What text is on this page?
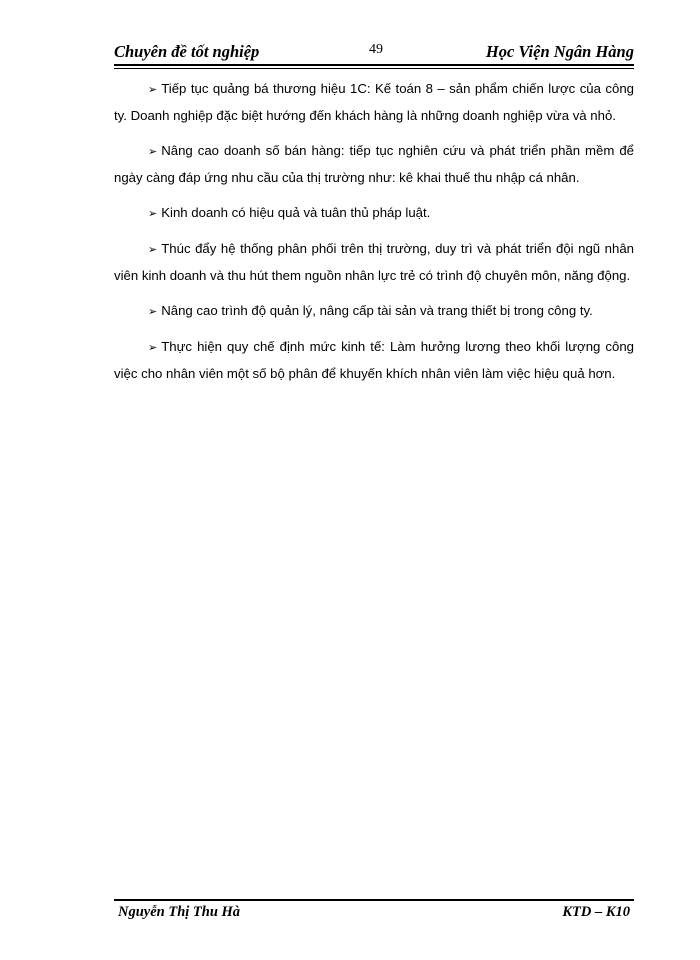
Chuyên đề tốt nghiệp	49	Học Viện Ngân Hàng

➢ Tiếp tục quảng bá thương hiệu 1C: Kế toán 8 – sản phẩm chiến lược của công ty. Doanh nghiệp đặc biệt hướng đến khách hàng là những doanh nghiệp vừa và nhỏ.

➢ Nâng cao doanh số bán hàng: tiếp tục nghiên cứu và phát triển phần mềm để ngày càng đáp ứng nhu cầu của thị trường như: kê khai thuế thu nhập cá nhân.

➢ Kinh doanh có hiệu quả và tuân thủ pháp luật.

➢ Thúc đẩy hệ thống phân phối trên thị trường, duy trì và phát triển đội ngũ nhân viên kinh doanh và thu hút them nguồn nhân lực trẻ có trình độ chuyên môn, năng động.

➢ Nâng cao trình độ quản lý, nâng cấp tài sản và trang thiết bị trong công ty.

➢ Thực hiện quy chế định mức kinh tế: Làm hưởng lương theo khối lượng công việc cho nhân viên một số bộ phân để khuyến khích nhân viên làm việc hiệu quả hơn.

Nguyễn Thị Thu Hà	KTD – K10
